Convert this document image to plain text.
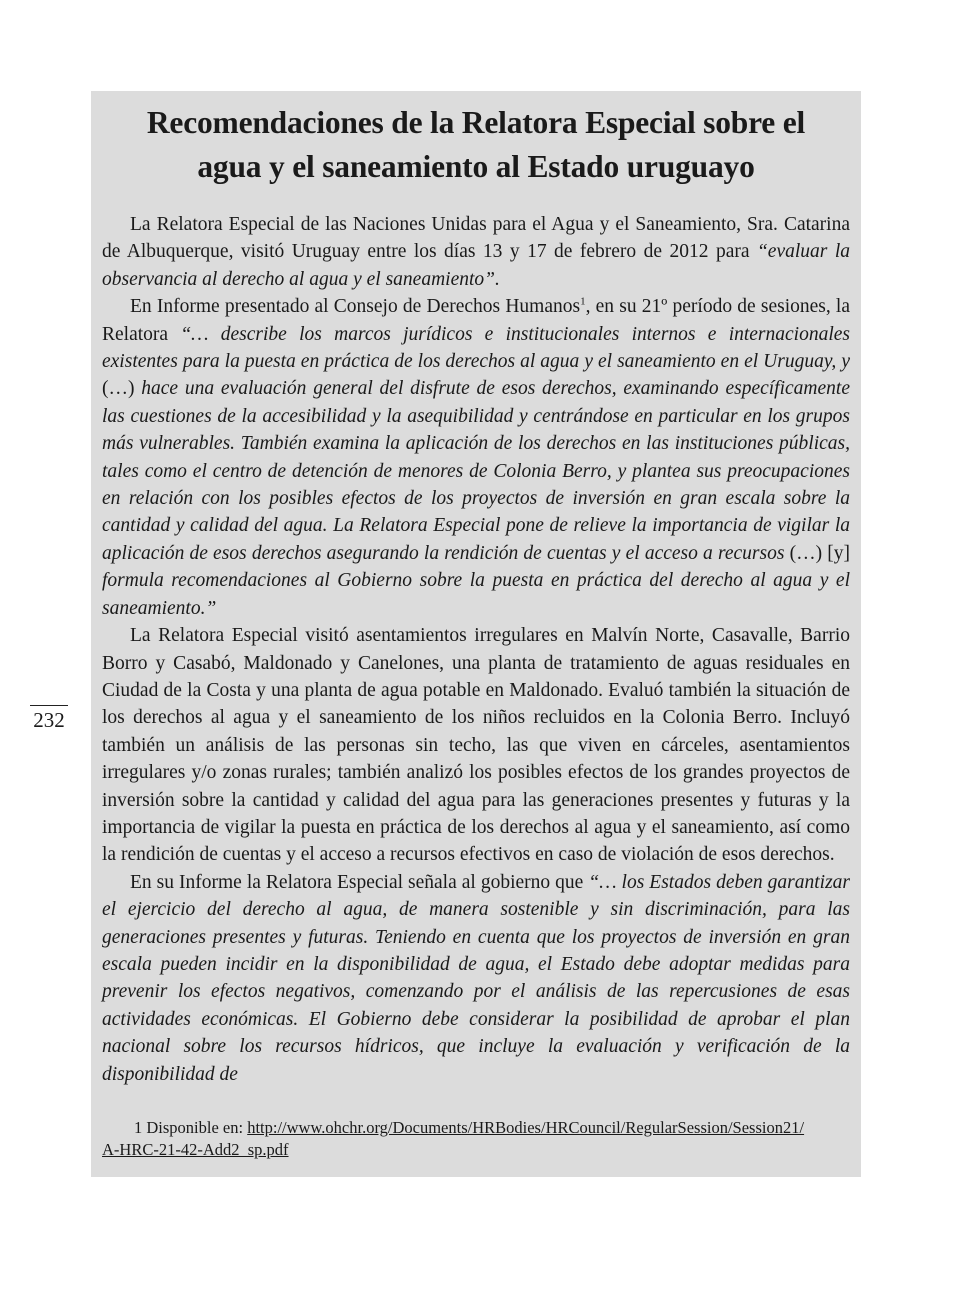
232
Recomendaciones de la Relatora Especial sobre el
agua y el saneamiento al Estado uruguayo

La Relatora Especial de las Naciones Unidas para el Agua y el Saneamiento, Sra. Catarina de Albuquerque, visitó Uruguay entre los días 13 y 17 de febrero de 2012 para “evaluar la observancia al derecho al agua y el saneamiento”.

En Informe presentado al Consejo de Derechos Humanos$^1$, en su 21º período de sesiones, la Relatora “… describe los marcos jurídicos e institucionales internos e internacionales existentes para la puesta en práctica de los derechos al agua y el saneamiento en el Uruguay, y (…) hace una evaluación general del disfrute de esos derechos, examinando específicamente las cuestiones de la accesibilidad y la asequibilidad y centrándose en particular en los grupos más vulnerables. También examina la aplicación de los derechos en las instituciones públicas, tales como el centro de detención de menores de Colonia Berro, y plantea sus preocupaciones en relación con los posibles efectos de los proyectos de inversión en gran escala sobre la cantidad y calidad del agua. La Relatora Especial pone de relieve la importancia de vigilar la aplicación de esos derechos asegurando la rendición de cuentas y el acceso a recursos (…) [y] formula recomendaciones al Gobierno sobre la puesta en práctica del derecho al agua y el saneamiento.”

La Relatora Especial visitó asentamientos irregulares en Malvín Norte, Casavalle, Barrio Borro y Casabó, Maldonado y Canelones, una planta de tratamiento de aguas residuales en Ciudad de la Costa y una planta de agua potable en Maldonado. Evaluó también la situación de los derechos al agua y el saneamiento de los niños recluidos en la Colonia Berro. Incluyó también un análisis de las personas sin techo, las que viven en cárceles, asentamientos irregulares y/o zonas rurales; también analizó los posibles efectos de los grandes proyectos de inversión sobre la cantidad y calidad del agua para las generaciones presentes y futuras y la importancia de vigilar la puesta en práctica de los derechos al agua y el saneamiento, así como la rendición de cuentas y el acceso a recursos efectivos en caso de violación de esos derechos.

En su Informe la Relatora Especial señala al gobierno que “… los Estados deben garantizar el ejercicio del derecho al agua, de manera sostenible y sin discriminación, para las generaciones presentes y futuras. Teniendo en cuenta que los proyectos de inversión en gran escala pueden incidir en la disponibilidad de agua, el Estado debe adoptar medidas para prevenir los efectos negativos, comenzando por el análisis de las repercusiones de esas actividades económicas. El Gobierno debe considerar la posibilidad de aprobar el plan nacional sobre los recursos hídricos, que incluye la evaluación y verificación de la disponibilidad de

1 Disponible en: http://www.ohchr.org/Documents/HRBodies/HRCouncil/RegularSession/Session21/
A-HRC-21-42-Add2_sp.pdf
